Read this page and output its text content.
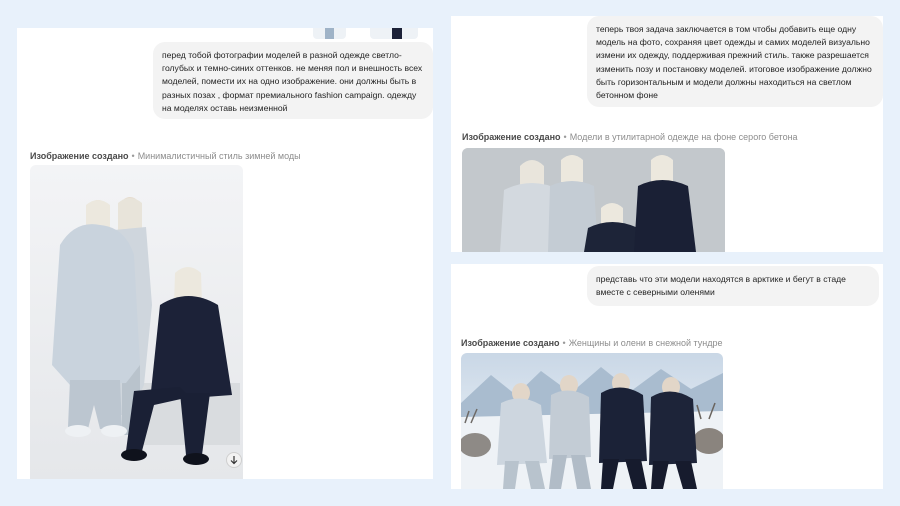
перед тобой фотографии моделей в разной одежде светло-голубых и темно-синих оттенков. не меняя пол и внешность всех моделей, помести их на одно изображение. они должны быть в разных позах , формат премиального fashion campaign. одежду на моделях оставь неизменной
Изображение создано • Минималистичный стиль зимней моды
теперь твоя задача заключается в том чтобы добавить еще одну модель на фото, сохраняя цвет одежды и самих моделей визуально измени их одежду, поддерживая прежний стиль. также разрешается изменить позу и постановку моделей. итоговое изображение должно быть горизонтальным и модели должны находиться на светлом бетонном фоне
Изображение создано • Модели в утилитарной одежде на фоне серого бетона
представь что эти модели находятся в арктике и бегут в стаде вместе с северными оленями
Изображение создано • Женщины и олени в снежной тундре
